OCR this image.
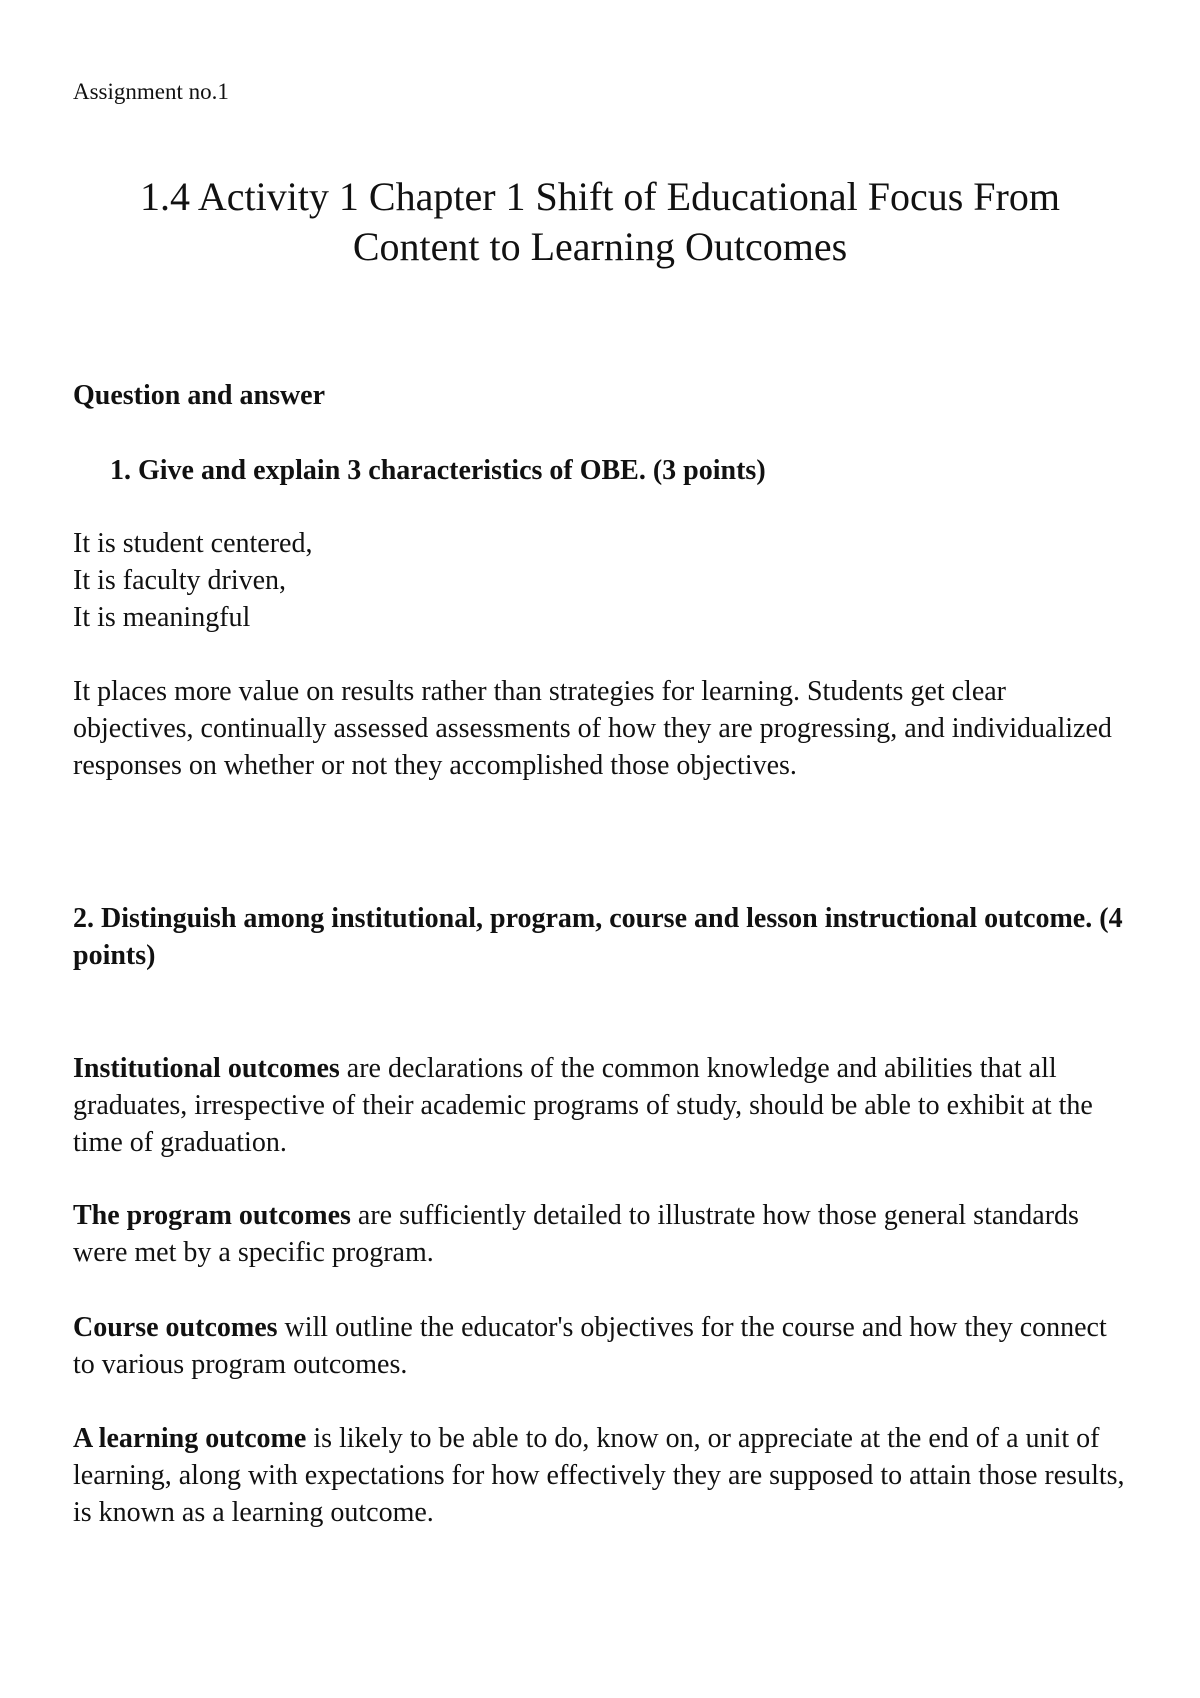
Assignment no.1
1.4 Activity 1 Chapter 1 Shift of Educational Focus From
Content to Learning Outcomes

Question and answer

1. Give and explain 3 characteristics of OBE. (3 points)

It is student centered,
It is faculty driven,
It is meaningful

It places more value on results rather than strategies for learning. Students get clear objectives, continually assessed assessments of how they are progressing, and individualized responses on whether or not they accomplished those objectives.

2. Distinguish among institutional, program, course and lesson instructional outcome. (4 points)

Institutional outcomes are declarations of the common knowledge and abilities that all graduates, irrespective of their academic programs of study, should be able to exhibit at the time of graduation.

The program outcomes are sufficiently detailed to illustrate how those general standards were met by a specific program.

Course outcomes will outline the educator's objectives for the course and how they connect to various program outcomes.

A learning outcome is likely to be able to do, know on, or appreciate at the end of a unit of learning, along with expectations for how effectively they are supposed to attain those results, is known as a learning outcome.
